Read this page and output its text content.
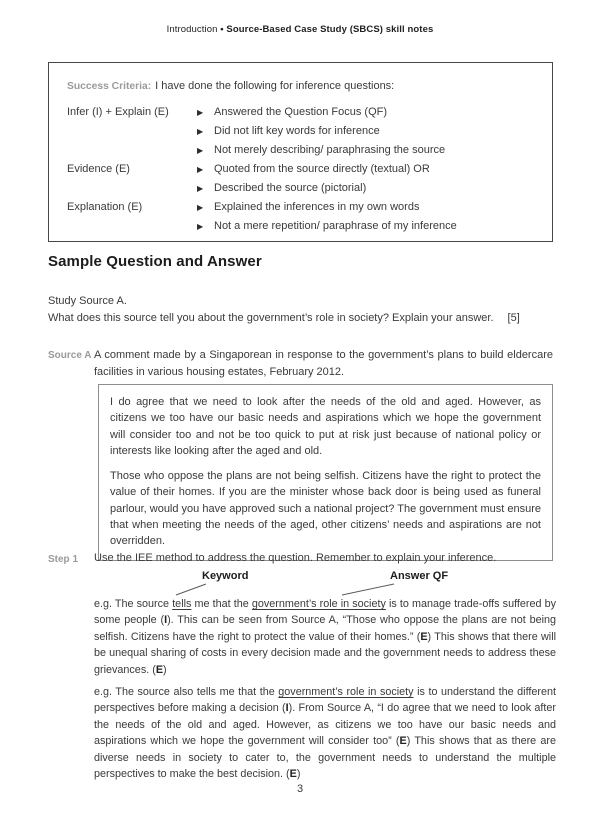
Introduction • Source-Based Case Study (SBCS) skill notes
Success Criteria: I have done the following for inference questions:
Infer (I) + Explain (E)	▶ Answered the Question Focus (QF)
▶ Did not lift key words for inference
▶ Not merely describing/ paraphrasing the source
Evidence (E)	▶ Quoted from the source directly (textual) OR
▶ Described the source (pictorial)
Explanation (E)	▶ Explained the inferences in my own words
▶ Not a mere repetition/ paraphrase of my inference
Sample Question and Answer
Study Source A.
What does this source tell you about the government’s role in society? Explain your answer. [5]
Source A A comment made by a Singaporean in response to the government’s plans to build eldercare facilities in various housing estates, February 2012.

I do agree that we need to look after the needs of the old and aged. However, as citizens we too have our basic needs and aspirations which we hope the government will consider too and not be too quick to put at risk just because of national policy or interests like looking after the aged and old.

Those who oppose the plans are not being selfish. Citizens have the right to protect the value of their homes. If you are the minister whose back door is being used as funeral parlour, would you have approved such a national project? The government must ensure that when meeting the needs of the aged, other citizens’ needs and aspirations are not overridden.

Step 1	Use the IEE method to address the question. Remember to explain your inference.
Keyword	Answer QF

e.g. The source tells me that the government’s role in society is to manage trade-offs suffered by some people (I). This can be seen from Source A, “Those who oppose the plans are not being selfish. Citizens have the right to protect the value of their homes.” (E) This shows that there will be unequal sharing of costs in every decision made and the government needs to address these grievances. (E)

e.g. The source also tells me that the government’s role in society is to understand the different perspectives before making a decision (I). From Source A, “I do agree that we need to look after the needs of the old and aged. However, as citizens we too have our basic needs and aspirations which we hope the government will consider too” (E) This shows that as there are diverse needs in society to cater to, the government needs to understand the multiple perspectives to make the best decision. (E)

3
